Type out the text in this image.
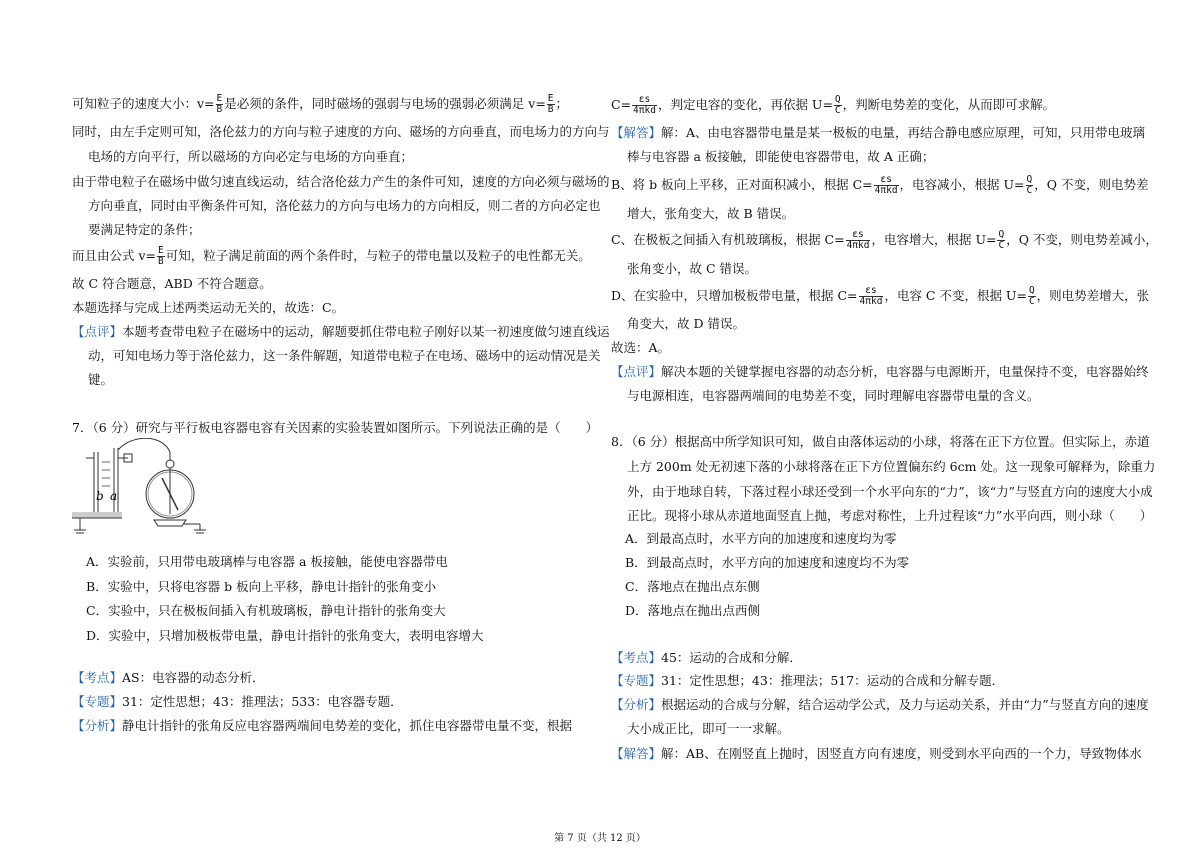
可知粒子的速度大小：$v= \frac{E}{B}$ 是必须的条件，同时磁场的强弱与电场的强弱必须满足 $v= \frac{E}{B}$ ；
同时，由左手定则可知，洛伦兹力的方向与粒子速度的方向、磁场的方向垂直，而电场力的方向与
电场的方向平行，所以磁场的方向必定与电场的方向垂直；
由于带电粒子在磁场中做匀速直线运动，结合洛伦兹力产生的条件可知，速度的方向必须与磁场的
方向垂直，同时由平衡条件可知，洛伦兹力的方向与电场力的方向相反，则二者的方向必定也
要满足特定的条件；
而且由公式 $v= \frac{E}{B}$ 可知，粒子满足前面的两个条件时，与粒子的带电量以及粒子的电性都无关。
故 C 符合题意，ABD 不符合题意。
本题选择与完成上述两类运动无关的，故选：C。
【点评】本题考查带电粒子在磁场中的运动，解题要抓住带电粒子刚好以某一初速度做匀速直线运
动，可知电场力等于洛伦兹力，这一条件解题，知道带电粒子在电场、磁场中的运动情况是关
键。
7．（6 分）研究与平行板电容器电容有关因素的实验装置如图所示。下列说法正确的是（　　）
b a
A．实验前，只用带电玻璃棒与电容器 a 板接触，能使电容器带电
B．实验中，只将电容器 b 板向上平移，静电计指针的张角变小
C．实验中，只在极板间插入有机玻璃板，静电计指针的张角变大
D．实验中，只增加极板带电量，静电计指针的张角变大，表明电容增大
【考点】AS：电容器的动态分析．
【专题】31：定性思想；43：推理法；533：电容器专题．
【分析】静电计指针的张角反应电容器两端间电势差的变化，抓住电容器带电量不变，根据
$C= \frac{\varepsilon s}{\text{4πkd}}$ ，判定电容的变化，再依据 $U= \frac{Q}{C}$ ，判断电势差的变化，从而即可求解。
【解答】解：A、由电容器带电量是某一极板的电量，再结合静电感应原理，可知，只用带电玻璃
棒与电容器 a 板接触，即能使电容器带电，故 A 正确；
B、将 b 板向上平移，正对面积减小，根据 $C= \frac{\varepsilon s}{\text{4πkd}}$ ，电容减小，根据 $U= \frac{Q}{C}$ ，Q 不变，则电势差
增大，张角变大，故 B 错误。
C、在极板之间插入有机玻璃板，根据 $C= \frac{\varepsilon s}{\text{4πkd}}$ ，电容增大，根据 $U= \frac{Q}{C}$ ，Q 不变，则电势差减小，
张角变小，故 C 错误。
D、在实验中，只增加极板带电量，根据 $C= \frac{\varepsilon s}{\text{4πkd}}$ ，电容 C 不变，根据 $U= \frac{Q}{C}$ ，则电势差增大，张
角变大，故 D 错误。
故选：A。
【点评】解决本题的关键掌握电容器的动态分析，电容器与电源断开，电量保持不变，电容器始终
与电源相连，电容器两端间的电势差不变，同时理解电容器带电量的含义。
8．（6 分）根据高中所学知识可知，做自由落体运动的小球，将落在正下方位置。但实际上，赤道
上方 200m 处无初速下落的小球将落在正下方位置偏东约 6cm 处。这一现象可解释为，除重力
外，由于地球自转，下落过程小球还受到一个水平向东的“力”，该“力”与竖直方向的速度大小成
正比。现将小球从赤道地面竖直上抛，考虑对称性，上升过程该“力”水平向西，则小球（　　）
A．到最高点时，水平方向的加速度和速度均为零
B．到最高点时，水平方向的加速度和速度均不为零
C．落地点在抛出点东侧
D．落地点在抛出点西侧
【考点】45：运动的合成和分解．
【专题】31：定性思想；43：推理法；517：运动的合成和分解专题．
【分析】根据运动的合成与分解，结合运动学公式，及力与运动关系，并由“力”与竖直方向的速度
大小成正比，即可一一求解。
【解答】解：AB、在刚竖直上抛时，因竖直方向有速度，则受到水平向西的一个力，导致物体水
第 7 页（共 12 页）
